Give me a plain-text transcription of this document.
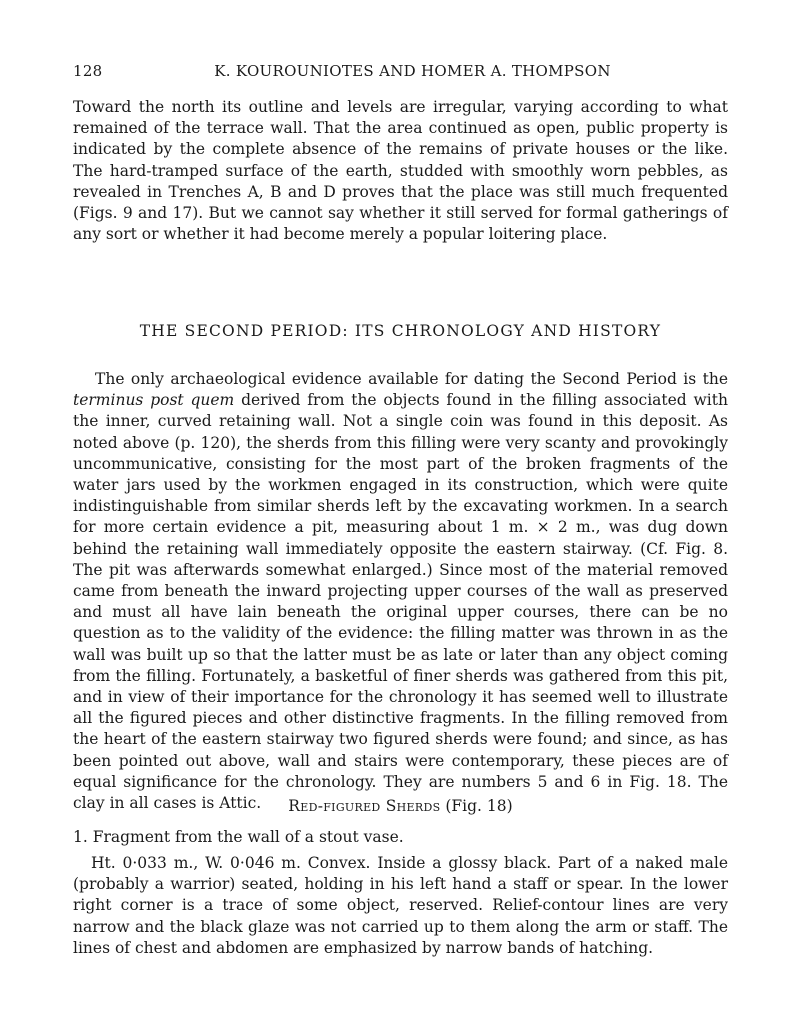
128	K. KOUROUNIOTES AND HOMER A. THOMPSON

Toward the north its outline and levels are irregular, varying according to what remained of the terrace wall. That the area continued as open, public property is indicated by the complete absence of the remains of private houses or the like. The hard-tramped surface of the earth, studded with smoothly worn pebbles, as revealed in Trenches A, B and D proves that the place was still much frequented (Figs. 9 and 17). But we cannot say whether it still served for formal gatherings of any sort or whether it had become merely a popular loitering place.

THE SECOND PERIOD: ITS CHRONOLOGY AND HISTORY

The only archaeological evidence available for dating the Second Period is the terminus post quem derived from the objects found in the filling associated with the inner, curved retaining wall. Not a single coin was found in this deposit. As noted above (p. 120), the sherds from this filling were very scanty and provokingly uncommunicative, consisting for the most part of the broken fragments of the water jars used by the workmen engaged in its construction, which were quite indistinguishable from similar sherds left by the excavating workmen. In a search for more certain evidence a pit, measuring about 1 m. × 2 m., was dug down behind the retaining wall immediately opposite the eastern stairway. (Cf. Fig. 8. The pit was afterwards somewhat enlarged.) Since most of the material removed came from beneath the inward projecting upper courses of the wall as preserved and must all have lain beneath the original upper courses, there can be no question as to the validity of the evidence: the filling matter was thrown in as the wall was built up so that the latter must be as late or later than any object coming from the filling. Fortunately, a basketful of finer sherds was gathered from this pit, and in view of their importance for the chronology it has seemed well to illustrate all the figured pieces and other distinctive fragments. In the filling removed from the heart of the eastern stairway two figured sherds were found; and since, as has been pointed out above, wall and stairs were contemporary, these pieces are of equal significance for the chronology. They are numbers 5 and 6 in Fig. 18. The clay in all cases is Attic.	Red-figured Sherds (Fig. 18)

1. Fragment from the wall of a stout vase.

Ht. 0·033 m., W. 0·046 m. Convex. Inside a glossy black. Part of a naked male (probably a warrior) seated, holding in his left hand a staff or spear. In the lower right corner is a trace of some object, reserved. Relief-contour lines are very narrow and the black glaze was not carried up to them along the arm or staff. The lines of chest and abdomen are emphasized by narrow bands of hatching.
